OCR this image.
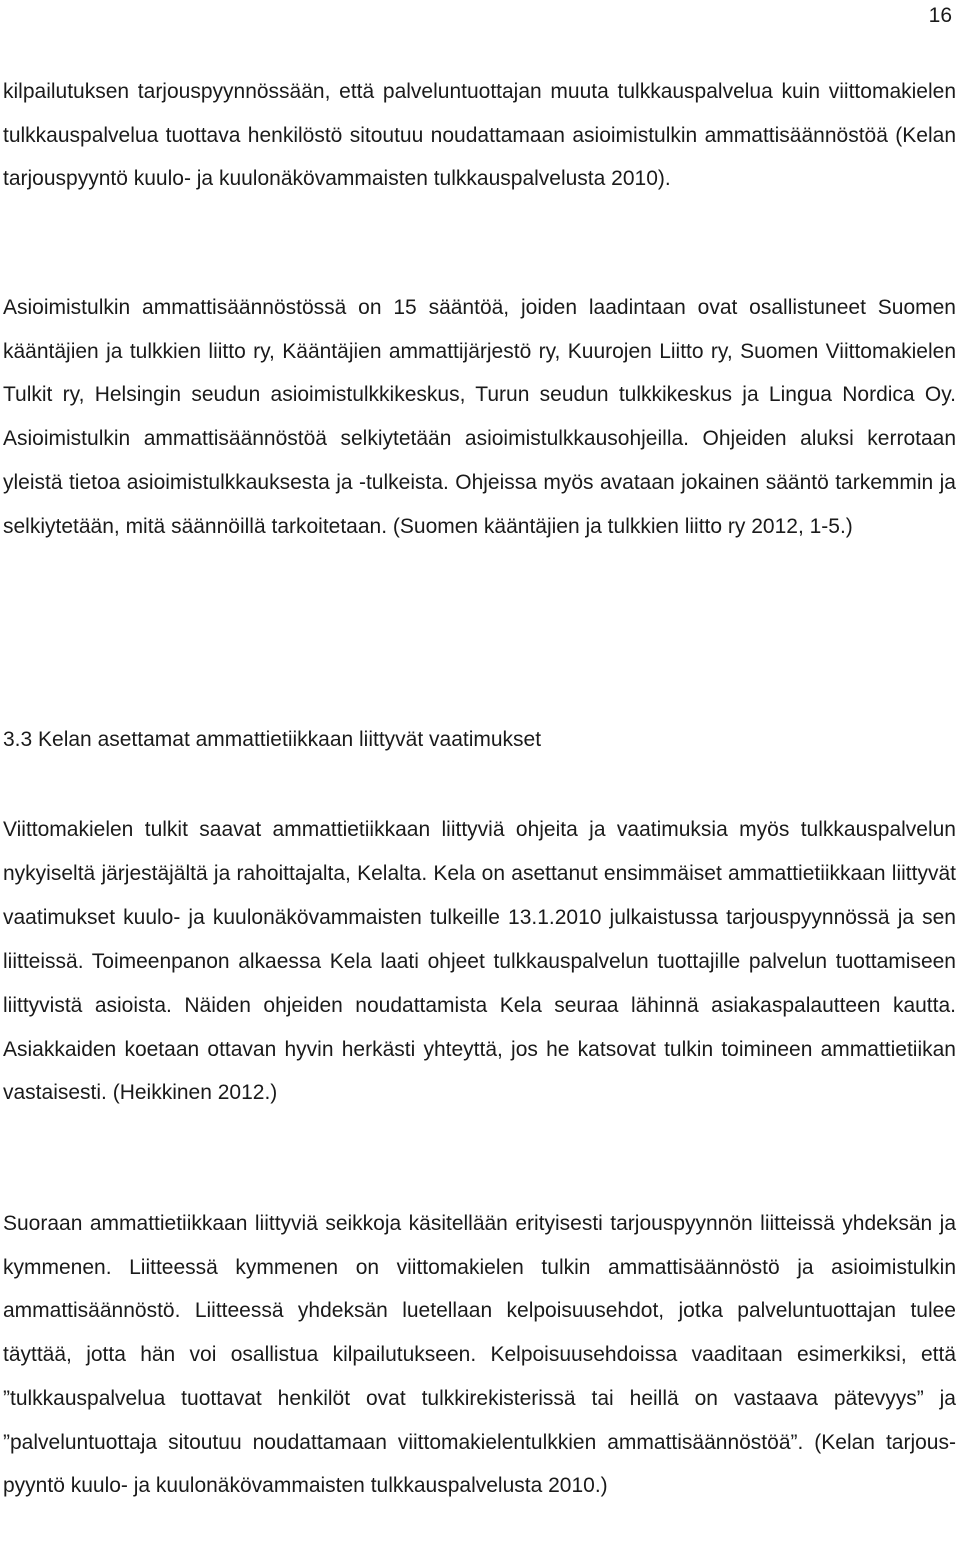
16

kilpailutuksen tarjouspyynnössään, että palveluntuottajan muuta tulkkauspalvelua kuin viittomakielen tulkkauspalvelua tuottava henkilöstö sitoutuu noudattamaan asioimistulkin ammattisäännöstöä (Kelan tarjouspyyntö kuulo- ja kuulonäkövammaisten tulkkauspalvelusta 2010).

Asioimistulkin ammattisäännöstössä on 15 sääntöä, joiden laadintaan ovat osallistuneet Suomen kääntäjien ja tulkkien liitto ry, Kääntäjien ammattijärjestö ry, Kuurojen Liitto ry, Suomen Viittomakielen Tulkit ry, Helsingin seudun asioimistulkkikeskus, Turun seudun tulkkikeskus ja Lingua Nordica Oy. Asioimistulkin ammattisäännöstöä selkiytetään asioimistulkkausohjeilla. Ohjeiden aluksi kerrotaan yleistä tietoa asioimistulkkauksesta ja -tulkeista. Ohjeissa myös avataan jokainen sääntö tarkemmin ja selkiytetään, mitä säännöillä tarkoitetaan. (Suomen kääntäjien ja tulkkien liitto ry 2012, 1-5.)

3.3 Kelan asettamat ammattietiikkaan liittyvät vaatimukset

Viittomakielen tulkit saavat ammattietiikkaan liittyviä ohjeita ja vaatimuksia myös tulkkauspalvelun nykyiseltä järjestäjältä ja rahoittajalta, Kelalta. Kela on asettanut ensimmäiset ammattietiikkaan liittyvät vaatimukset kuulo- ja kuulonäkövammaisten tulkeille 13.1.2010 julkaistussa tarjouspyynnössä ja sen liitteissä. Toimeenpanon alkaessa Kela laati ohjeet tulkkauspalvelun tuottajille palvelun tuottamiseen liittyvistä asioista. Näiden ohjeiden noudattamista Kela seuraa lähinnä asiakaspalautteen kautta. Asiakkaiden koetaan ottavan hyvin herkästi yhteyttä, jos he katsovat tulkin toimineen ammattietiikan vastaisesti. (Heikkinen 2012.)

Suoraan ammattietiikkaan liittyviä seikkoja käsitellään erityisesti tarjouspyynnön liitteissä yhdeksän ja kymmenen. Liitteessä kymmenen on viittomakielen tulkin ammattisäännöstö ja asioimistulkin ammattisäännöstö. Liitteessä yhdeksän luetellaan kelpoisuusehdot, jotka palveluntuottajan tulee täyttää, jotta hän voi osallistua kilpailutukseen. Kelpoisuusehdoissa vaaditaan esimerkiksi, että ”tulkkauspalvelua tuottavat henkilöt ovat tulkkirekisterissä tai heillä on vastaava pätevyys” ja ”palveluntuottaja sitoutuu noudattamaan viittomakielentulkkien ammattisäännöstöä”. (Kelan tarjouspyyntö kuulo- ja kuulonäkövammaisten tulkkauspalvelusta 2010.)
